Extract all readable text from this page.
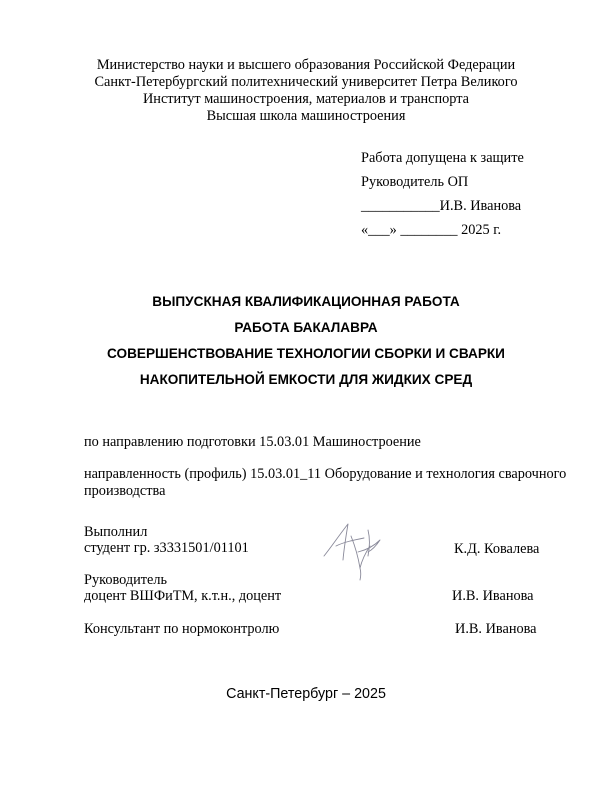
Министерство науки и высшего образования Российской Федерации
Санкт-Петербургский политехнический университет Петра Великого
Институт машиностроения, материалов и транспорта
Высшая школа машиностроения
Работа допущена к защите
Руководитель ОП
___________И.В. Иванова
«___» ________ 2025 г.
ВЫПУСКНАЯ КВАЛИФИКАЦИОННАЯ РАБОТА
РАБОТА БАКАЛАВРА
СОВЕРШЕНСТВОВАНИЕ ТЕХНОЛОГИИ СБОРКИ И СВАРКИ
НАКОПИТЕЛЬНОЙ ЕМКОСТИ ДЛЯ ЖИДКИХ СРЕД
по направлению подготовки 15.03.01 Машиностроение
направленность (профиль) 15.03.01_11 Оборудование и технология сварочного
производства
Выполнил
студент гр. з3331501/01101	К.Д. Ковалева
Руководитель
доцент ВШФиТМ, к.т.н., доцент	И.В. Иванова
Консультант по нормоконтролю	И.В. Иванова
Санкт-Петербург – 2025
